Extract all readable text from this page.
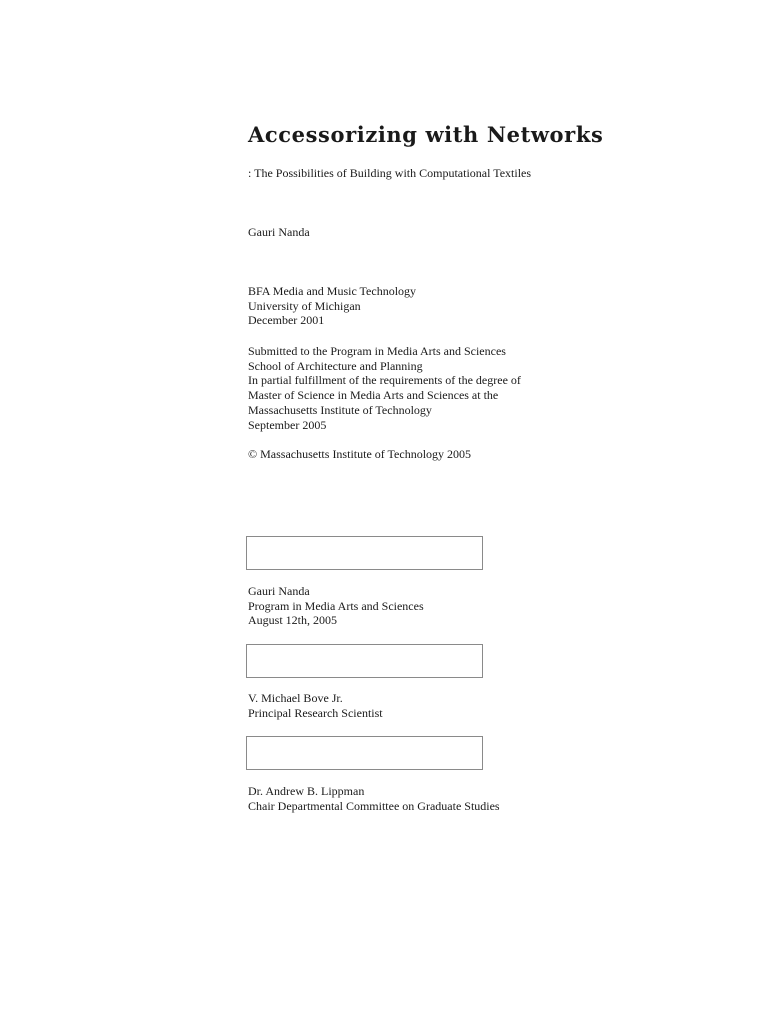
Accessorizing with Networks
: The Possibilities of Building with Computational Textiles
Gauri Nanda
BFA Media and Music Technology
University of Michigan
December 2001
Submitted to the Program in Media Arts and Sciences
School of Architecture and Planning
In partial fulfillment of the requirements of the degree of
Master of Science in Media Arts and Sciences at the
Massachusetts Institute of Technology
September 2005
© Massachusetts Institute of Technology 2005
Gauri Nanda
Program in Media Arts and Sciences
August 12th, 2005
V. Michael Bove Jr.
Principal Research Scientist
Dr. Andrew B. Lippman
Chair Departmental Committee on Graduate Studies
